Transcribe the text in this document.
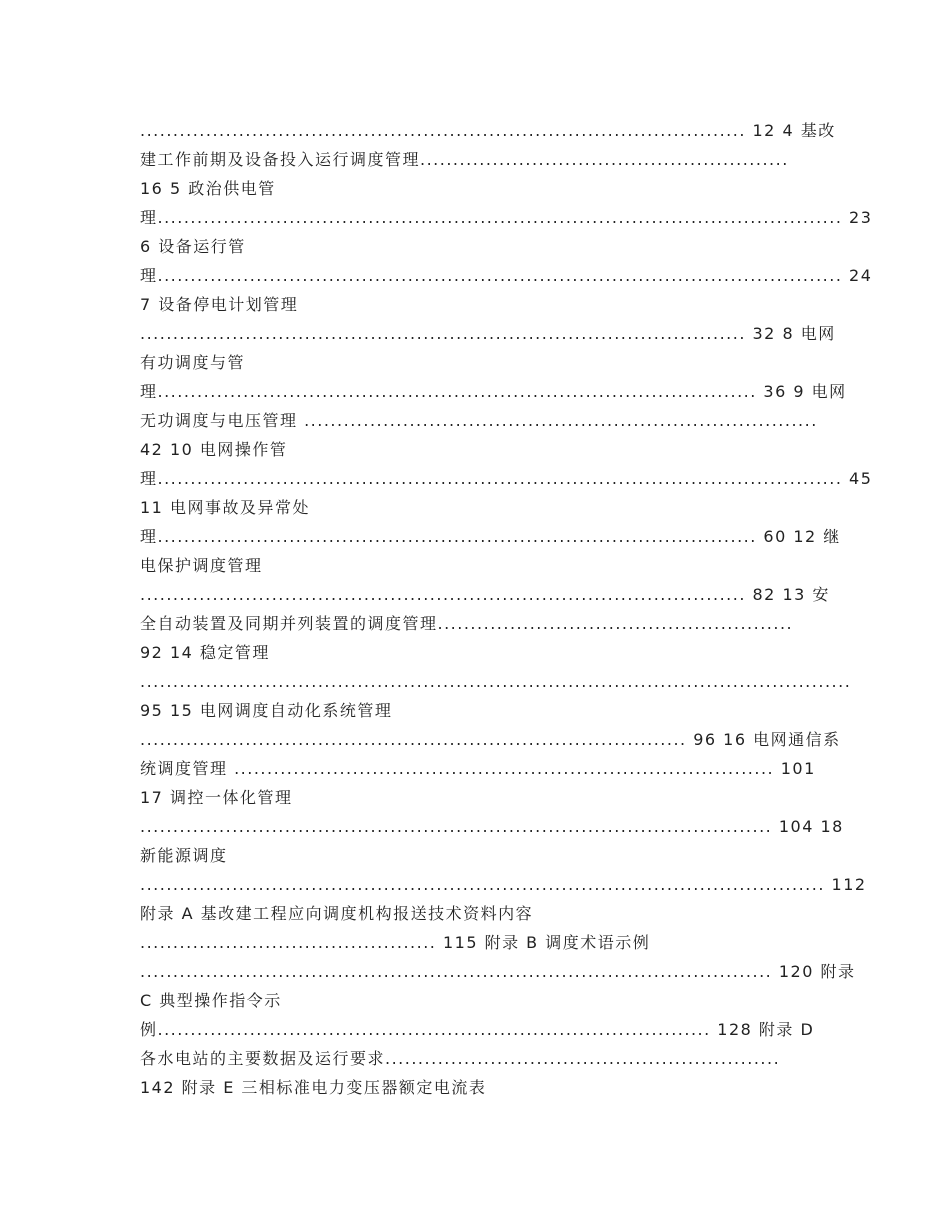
............................................................................................ 12 4 基改
建工作前期及设备投入运行调度管理........................................................
16 5 政治供电管
理........................................................................................................ 23
6 设备运行管
理........................................................................................................ 24
7 设备停电计划管理
............................................................................................ 32 8 电网
有功调度与管
理........................................................................................... 36 9 电网
无功调度与电压管理 ..............................................................................
42 10 电网操作管
理........................................................................................................ 45
11 电网事故及异常处
理........................................................................................... 60 12 继
电保护调度管理
............................................................................................ 82 13 安
全自动装置及同期并列装置的调度管理......................................................
92 14 稳定管理
............................................................................................................
95 15 电网调度自动化系统管理
................................................................................... 96 16 电网通信系
统调度管理 .................................................................................. 101
17 调控一体化管理
................................................................................................ 104 18
新能源调度
........................................................................................................ 112
附录 A 基改建工程应向调度机构报送技术资料内容
............................................. 115 附录 B 调度术语示例
................................................................................................ 120 附录
C 典型操作指令示
例.................................................................................... 128 附录 D
各水电站的主要数据及运行要求............................................................
142 附录 E 三相标准电力变压器额定电流表
